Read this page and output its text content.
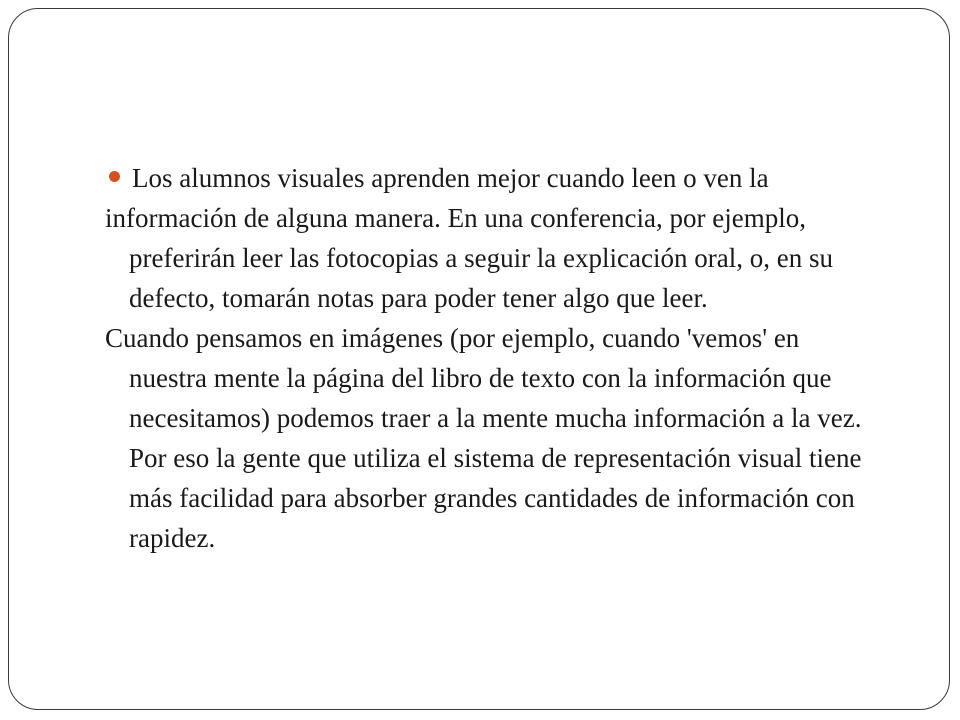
Los alumnos visuales aprenden mejor cuando leen o ven la

información de alguna manera. En una conferencia, por ejemplo, preferirán leer las fotocopias a seguir la explicación oral, o, en su defecto, tomarán notas para poder tener algo que leer.

Cuando pensamos en imágenes (por ejemplo, cuando 'vemos' en nuestra mente la página del libro de texto con la información que necesitamos) podemos traer a la mente mucha información a la vez. Por eso la gente que utiliza el sistema de representación visual tiene más facilidad para absorber grandes cantidades de información con rapidez.
